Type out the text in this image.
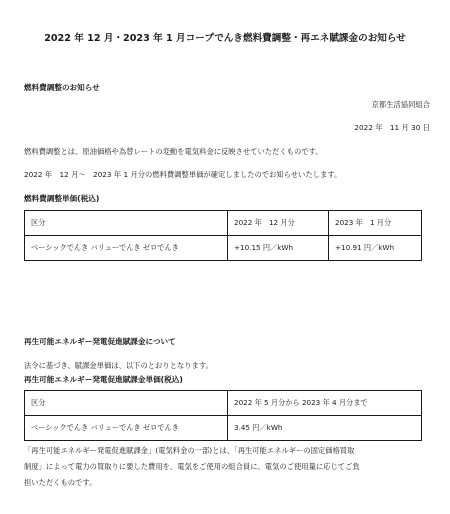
2022 年 12 月・2023 年 1 月コープでんき燃料費調整・再エネ賦課金のお知らせ
燃料費調整のお知らせ
京都生活協同組合
2022 年　11 月 30 日
燃料費調整とは、原油価格や為替レートの変動を電気料金に反映させていただくものです。
2022 年　12 月～　2023 年 1 月分の燃料費調整単価が確定しましたのでお知らせいたします。
燃料費調整単価(税込)
区分	2022 年　12 月分	2023 年　1 月分
ベーシックでんき バリューでんき ゼロでんき	+10.15 円／kWh	+10.91 円／kWh
再生可能エネルギー発電促進賦課金について
法令に基づき、賦課金単価は、以下のとおりとなります。
再生可能エネルギー発電促進賦課金単価(税込)
区分	2022 年 5 月分から 2023 年 4 月分まで
ベーシックでんき バリューでんき ゼロでんき	3.45 円／kWh
「再生可能エネルギー発電促進賦課金」(電気料金の一部)とは、「再生可能エネルギーの固定価格買取
制度」によって電力の買取りに要した費用を、電気をご使用の組合員に、電気のご使用量に応じてご負
担いただくものです。
